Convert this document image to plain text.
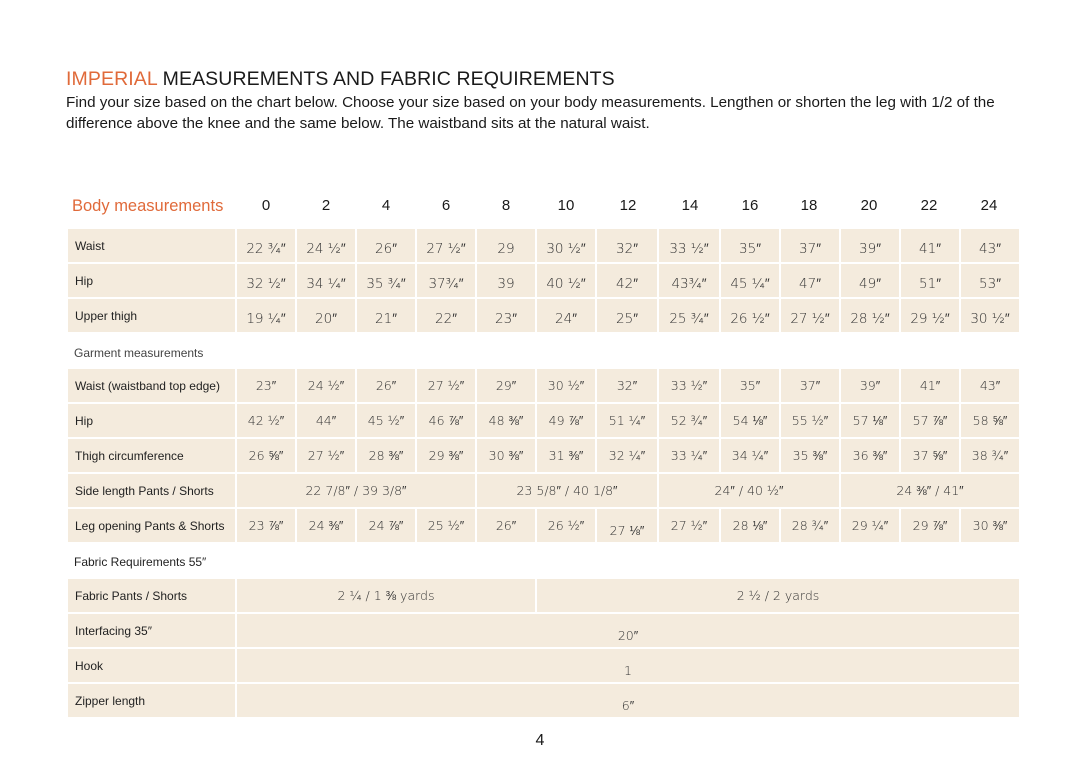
IMPERIAL MEASUREMENTS AND FABRIC REQUIREMENTS

Find your size based on the chart below. Choose your size based on your body measurements. Lengthen or shorten the leg with 1/2 of the difference above the knee and the same below. The waistband sits at the natural waist.

Body measurements	0	2	4	6	8	10	12	14	16	18	20	22	24
Waist	22 ¾″	24 ½″	26″	27 ½″	29	30 ½″	32″	33 ½″	35″	37″	39″	41″	43″
Hip	32 ½″	34 ¼″	35 ¾″	37¾″	39	40 ½″	42″	43¾″	45 ¼″	47″	49″	51″	53″
Upper thigh	19 ¼″	20″	21″	22″	23″	24″	25″	25 ¾″	26 ½″	27 ½″	28 ½″	29 ½″	30 ½″
Garment measurements
Waist (waistband top edge)	23″	24 ½″	26″	27 ½″	29″	30 ½″	32″	33 ½″	35″	37″	39″	41″	43″
Hip	42 ½″	44″	45 ½″	46 ⅞″	48 ⅜″	49 ⅞″	51 ¼″	52 ¾″	54 ⅛″	55 ½″	57 ⅛″	57 ⅞″	58 ⅝″
Thigh circumference	26 ⅝″	27 ½″	28 ⅜″	29 ⅜″	30 ⅜″	31 ⅜″	32 ¼″	33 ¼″	34 ¼″	35 ⅜″	36 ⅜″	37 ⅝″	38 ¾″
Side length Pants / Shorts	22 7/8″ / 39 3/8″	23 5/8″ / 40 1/8″	24″ / 40 ½″	24 ⅜″ / 41″
Leg opening Pants & Shorts	23 ⅞″	24 ⅜″	24 ⅞″	25 ½″	26″	26 ½″	27 ⅛″	27 ½″	28 ⅛″	28 ¾″	29 ¼″	29 ⅞″	30 ⅜″
Fabric Requirements 55″
Fabric Pants / Shorts	2 ¼ / 1 ⅜ yards	2 ½ / 2 yards
Interfacing 35″	20″
Hook	1
Zipper length	6″
4
